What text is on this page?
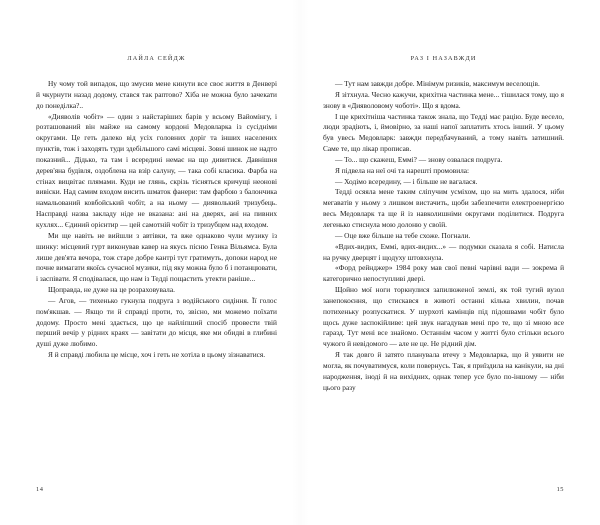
ЛАЙЛА СЕЙДЖ

Ну чому той випадок, що змусив мене кинути все своє життя в Денвері й чкурнути назад додому, стався так раптово? Хіба не можна було зачекати до понеділка?..

«Дияволів чобіт» — один з найстаріших барів у всьому Вайомінгу, і розташований він майже на самому кордоні Медовларка із сусідніми округами. Це геть далеко від усіх головних доріг та інших населених пунктів, тож і заходять туди здебільшого самі місцеві. Зовні шинок не надто показний... Дідько, та там і всередині немає на що дивитися. Давнішня дерев'яна будівля, оздоблена на взір салуну, — така собі класика. Фарба на стінах вицвітає плямами. Куди не глянь, скрізь тісняться кричущі неонові вивіски. Над самим входом висить шматок фанери: там фарбою з балончика намальований ковбойський чобіт, а на ньому — дияволький тризубець. Насправді назва закладу ніде не вказана: ані на дверях, ані на пивних кухлях... Єдиний орієнтир — цей самотній чобіт із тризубцем над входом.

Ми ще навіть не вийшли з автівки, та вже однаково чули музику із шинку: місцевий гурт виконував кавер на якусь пісню Генка Вільямса. Була лише дев'ята вечора, тож старе добре кантрі тут гратимуть, допоки народ не почне вимагати якоїсь сучасної музики, під яку можна було б і потанцювати, і заспівати. Я сподівалася, що нам із Тедді пощастить утекти раніше...

Щоправда, не дуже на це розраховувала.

— Агов, — тихенько гукнула подруга з водійського сидіння. Її голос пом'якшав. — Якщо ти й справді проти, то, звісно, ми можемо поїхати додому. Просто мені здається, що це найліпший спосіб провести твій перший вечір у рідних краях — завітати до місця, яке ми обидві в глибині душі дуже любимо.

Я й справді любила це місце, хоч і геть не хотіла в цьому зізнаватися.

14
РАЗ І НАЗАВЖДИ

— Тут нам завжди добре. Мінімум ризиків, максимум веселощів.

Я зітхнула. Чесно кажучи, крихітна частинка мене... тішилася тому, що я знову в «Дияволовому чоботі». Що я вдома.

І ще крихітніша частинка також знала, що Тедді має рацію. Буде весело, люди зрадіють, і, ймовірно, за наші напої заплатить хтось інший. У цьому був увесь Медовларк: завжди передбачуваний, а тому навіть затишний. Саме те, що лікар прописав.

— То... що скажеш, Еммі? — знову озвалася подруга.

Я підвела на неї очі та нарешті промовила:

— Ходімо всередину, — і більше не вагалася.

Тедді осяяла мене таким сліпучим усміхом, що на мить здалося, ніби мегаватів у ньому з лишком вистачить, щоби забезпечити електроенергією весь Медовларк та ще й із навколишніми округами поділитися. Подруга легенько стиснула мою долоню у своїй.

— Оце вже більше на тебе схоже. Погнали.

«Вдих-видих, Еммі, вдих-видих...» — подумки сказала я собі. Натисла на ручку дверцят і щодуху штовхнула.

«Форд рейнджер» 1984 року мав свої певні чарівні вади — зокрема й категорично непоступливі двері.

Щойно мої ноги торкнулися запилюженої землі, як той тугий вузол занепокоєння, що стискався в животі останні кілька хвилин, почав потихеньку розпускатися. У шурхоті камінців під підошвами чобіт було щось дуже заспокійливе: цей звук нагадував мені про те, що зі мною все гаразд. Тут мені все знайомо. Останнім часом у житті було стільки всього чужого й невідомого — але не це. Не рідний дім.

Я так довго й затято планувала втечу з Медовларка, що й уявити не могла, як почуватимуся, коли повернусь. Так, я приїздила на канікули, на дні народження, іноді й на вихідних, однак тепер усе було по-іншому — ніби цього разу

15
